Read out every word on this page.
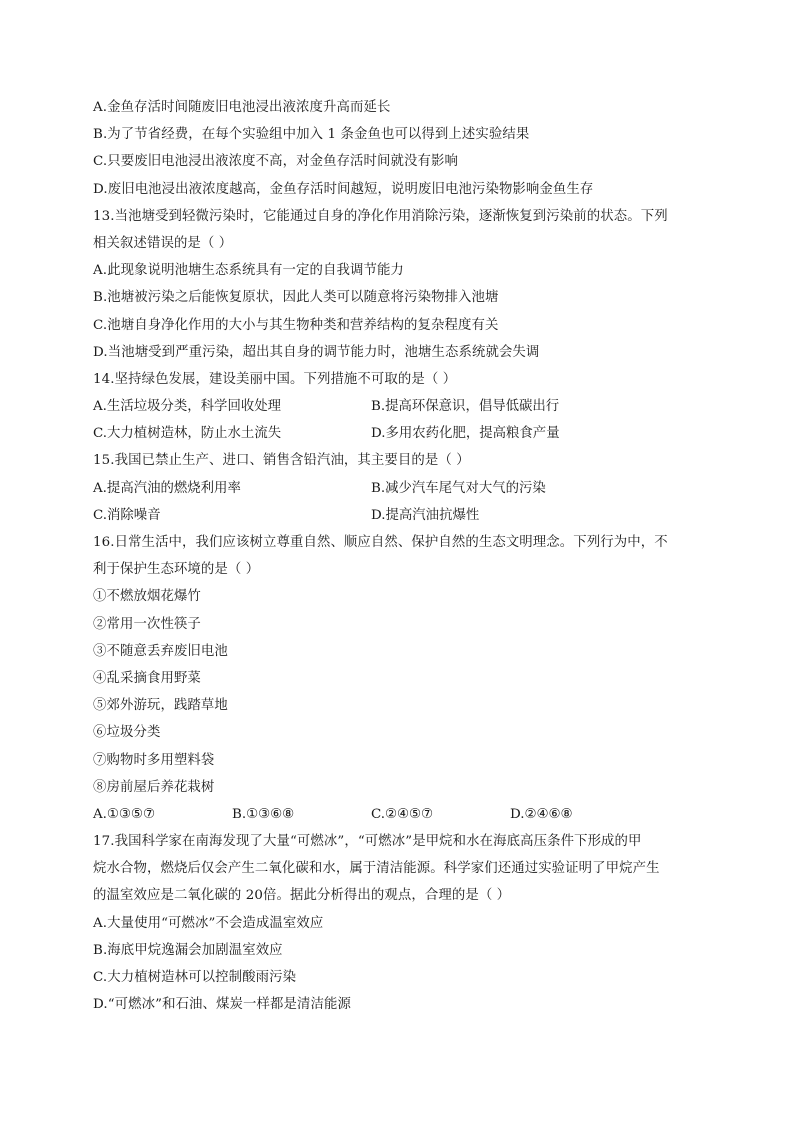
A.金鱼存活时间随废旧电池浸出液浓度升高而延长
B.为了节省经费，在每个实验组中加入 1 条金鱼也可以得到上述实验结果
C.只要废旧电池浸出液浓度不高，对金鱼存活时间就没有影响
D.废旧电池浸出液浓度越高，金鱼存活时间越短，说明废旧电池污染物影响金鱼生存
13.当池塘受到轻微污染时，它能通过自身的净化作用消除污染，逐渐恢复到污染前的状态。下列
相关叙述错误的是（ ）
A.此现象说明池塘生态系统具有一定的自我调节能力
B.池塘被污染之后能恢复原状，因此人类可以随意将污染物排入池塘
C.池塘自身净化作用的大小与其生物种类和营养结构的复杂程度有关
D.当池塘受到严重污染，超出其自身的调节能力时，池塘生态系统就会失调
14.坚持绿色发展，建设美丽中国。下列措施不可取的是（ ）
A.生活垃圾分类，科学回收处理	B.提高环保意识，倡导低碳出行
C.大力植树造林，防止水土流失	D.多用农药化肥，提高粮食产量
15.我国已禁止生产、进口、销售含铅汽油，其主要目的是（ ）
A.提高汽油的燃烧利用率	B.减少汽车尾气对大气的污染
C.消除噪音	D.提高汽油抗爆性
16.日常生活中，我们应该树立尊重自然、顺应自然、保护自然的生态文明理念。下列行为中，不
利于保护生态环境的是（ ）
①不燃放烟花爆竹
②常用一次性筷子
③不随意丢弃废旧电池
④乱采摘食用野菜
⑤郊外游玩，践踏草地
⑥垃圾分类
⑦购物时多用塑料袋
⑧房前屋后养花栽树
A.①③⑤⑦	B.①③⑥⑧	C.②④⑤⑦	D.②④⑥⑧
17.我国科学家在南海发现了大量“可燃冰”，“可燃冰”是甲烷和水在海底高压条件下形成的甲
烷水合物，燃烧后仅会产生二氧化碳和水，属于清洁能源。科学家们还通过实验证明了甲烷产生
的温室效应是二氧化碳的 20倍。据此分析得出的观点，合理的是（ ）
A.大量使用“可燃冰”不会造成温室效应
B.海底甲烷逸漏会加剧温室效应
C.大力植树造林可以控制酸雨污染
D.“可燃冰”和石油、煤炭一样都是清洁能源
